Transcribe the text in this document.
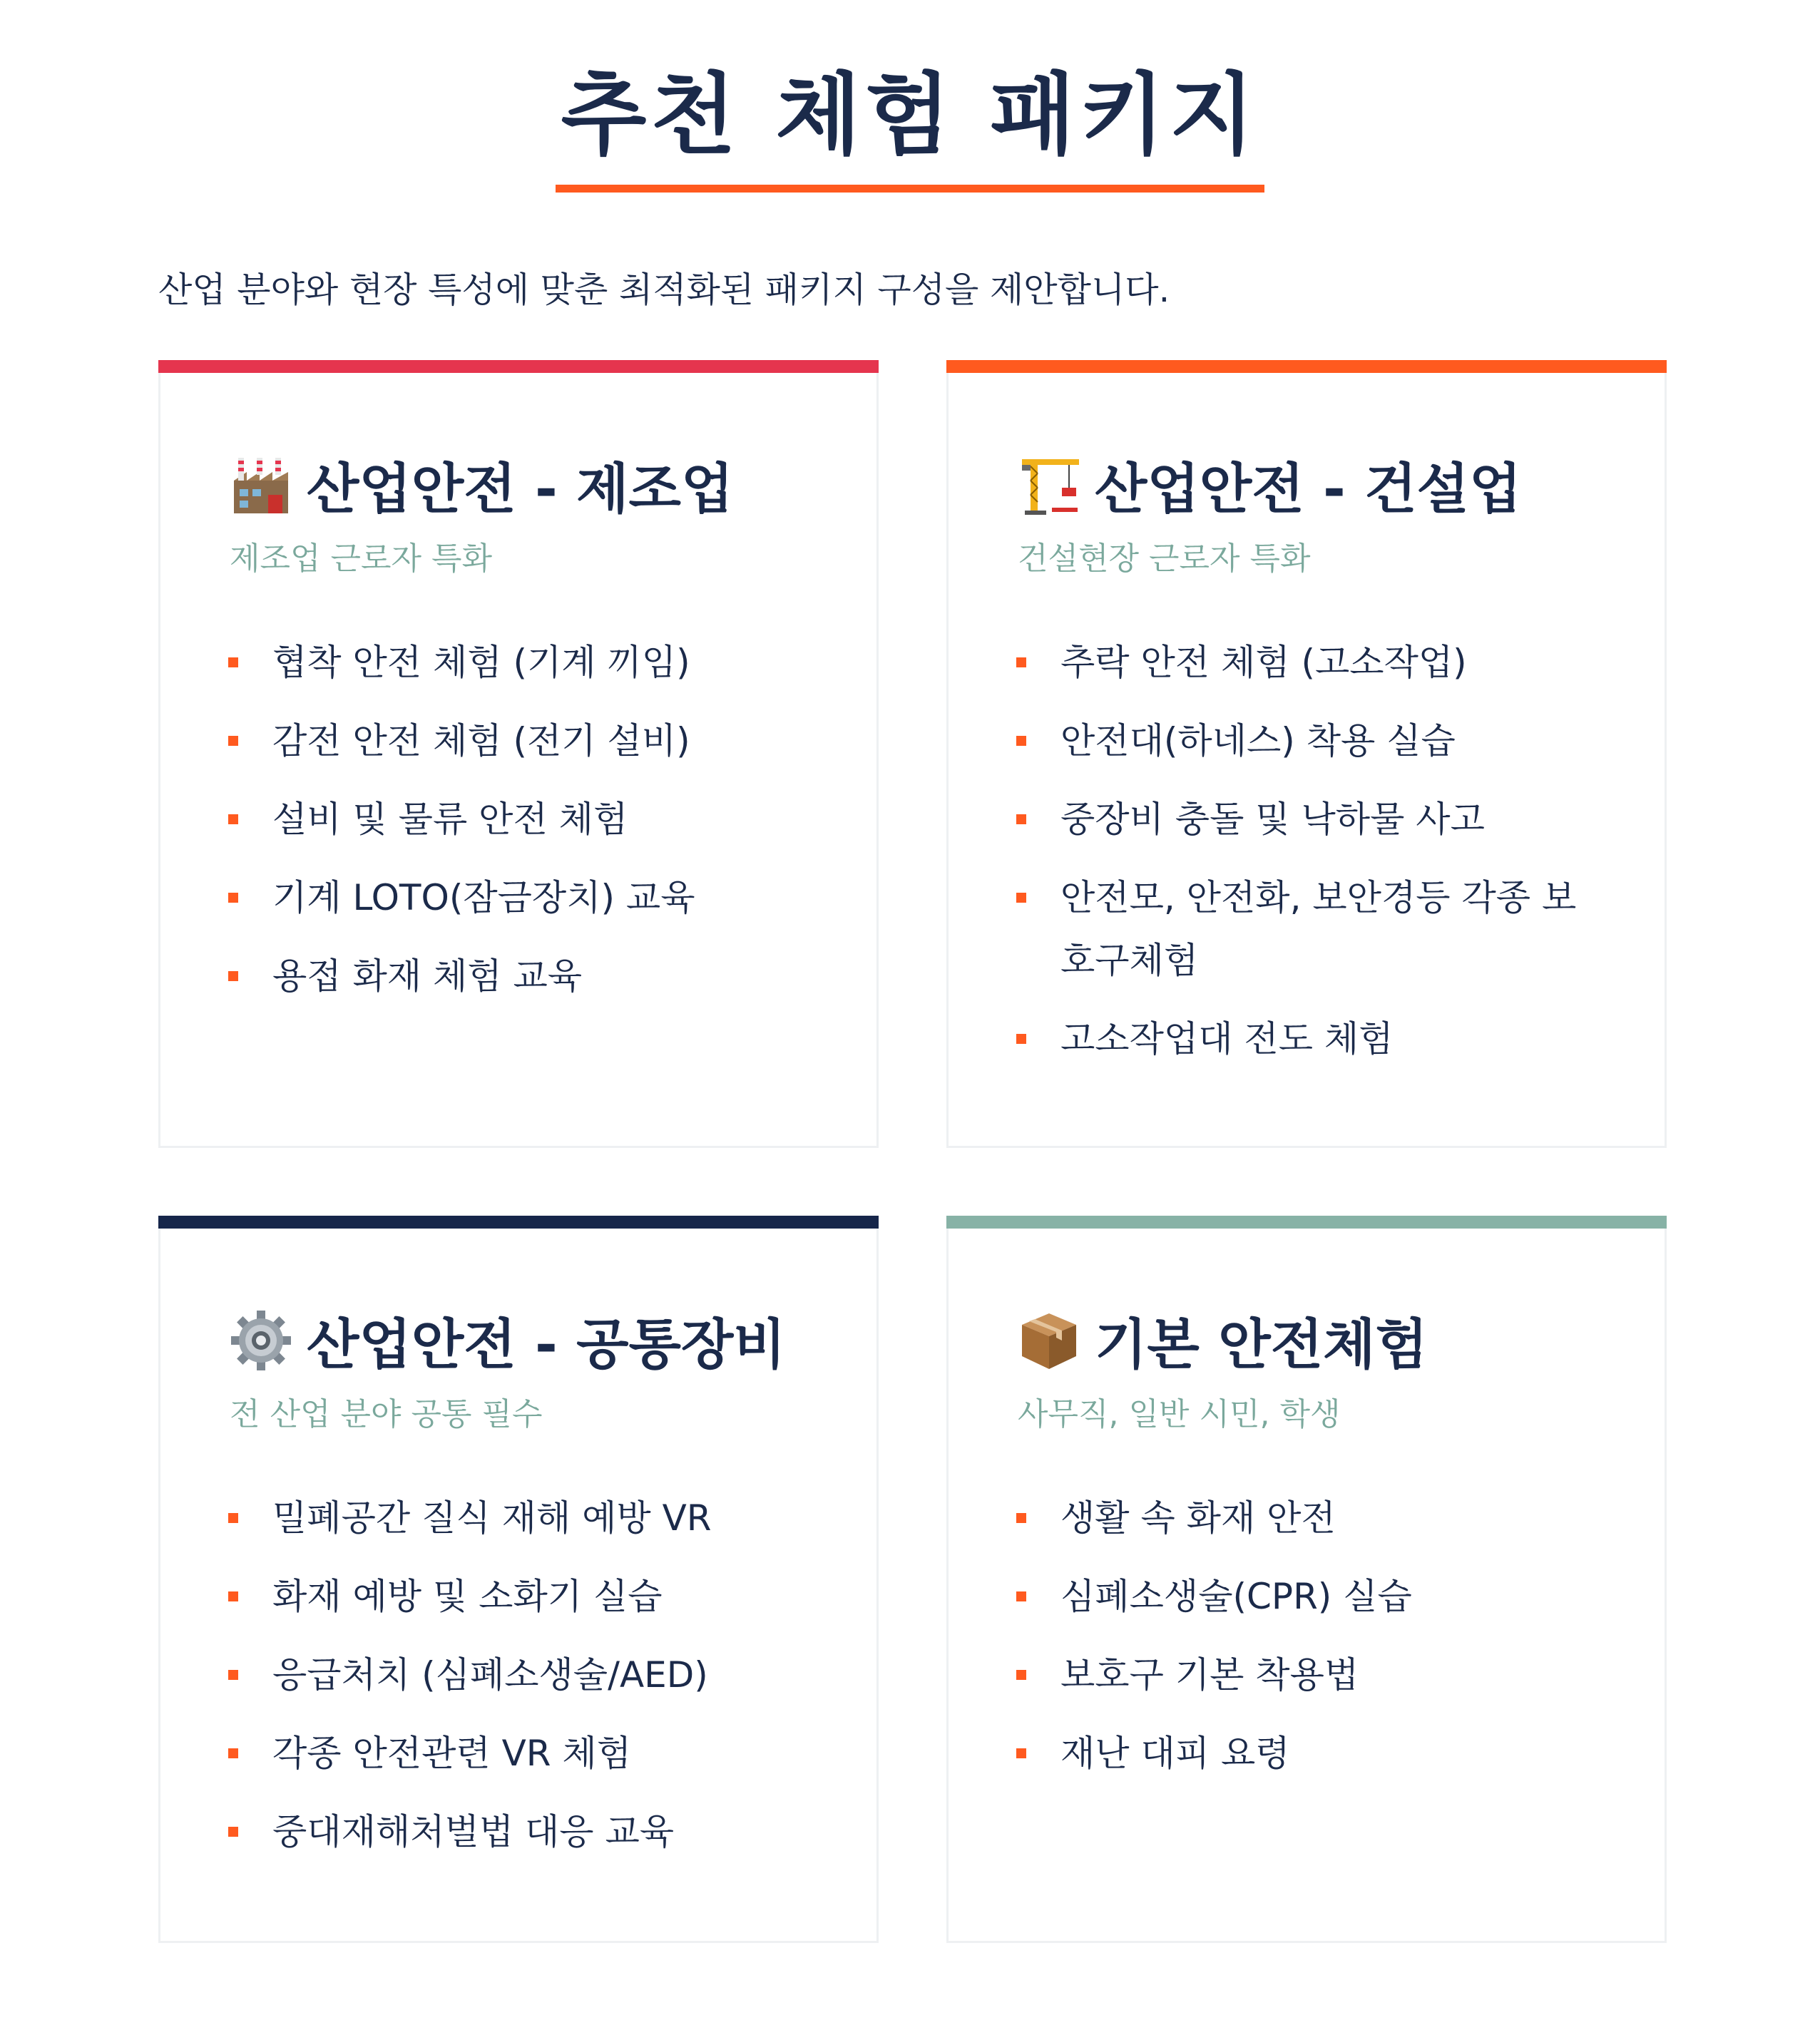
추천 체험 패키지

산업 분야와 현장 특성에 맞춘 최적화된 패키지 구성을 제안합니다.

산업안전 - 제조업

제조업 근로자 특화

협착 안전 체험 (기계 끼임)
감전 안전 체험 (전기 설비)
설비 및 물류 안전 체험
기계 LOTO(잠금장치) 교육
용접 화재 체험 교육
산업안전 - 건설업

건설현장 근로자 특화

추락 안전 체험 (고소작업)
안전대(하네스) 착용 실습
중장비 충돌 및 낙하물 사고
안전모, 안전화, 보안경등 각종 보호구체험
고소작업대 전도 체험
산업안전 - 공통장비

전 산업 분야 공통 필수

밀폐공간 질식 재해 예방 VR
화재 예방 및 소화기 실습
응급처치 (심폐소생술/AED)
각종 안전관련 VR 체험
중대재해처벌법 대응 교육
기본 안전체험

사무직, 일반 시민, 학생

생활 속 화재 안전
심폐소생술(CPR) 실습
보호구 기본 착용법
재난 대피 요령
